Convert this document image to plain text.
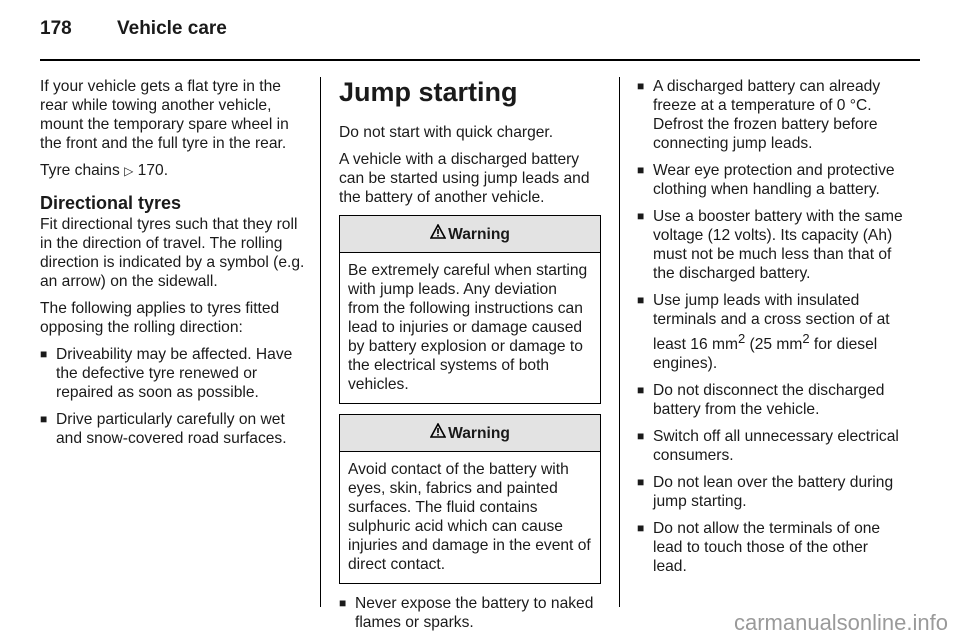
178 Vehicle care

If your vehicle gets a flat tyre in the rear while towing another vehicle, mount the temporary spare wheel in the front and the full tyre in the rear.

Tyre chains ▷ 170.

Directional tyres

Fit directional tyres such that they roll in the direction of travel. The rolling direction is indicated by a symbol (e.g. an arrow) on the sidewall.

The following applies to tyres fitted opposing the rolling direction:

■ Driveability may be affected. Have the defective tyre renewed or repaired as soon as possible.
■ Drive particularly carefully on wet and snow-covered road surfaces.
Jump starting

Do not start with quick charger.

A vehicle with a discharged battery can be started using jump leads and the battery of another vehicle.

Warning
Be extremely careful when starting with jump leads. Any deviation from the following instructions can lead to injuries or damage caused by battery explosion or damage to the electrical systems of both vehicles.
Warning
Avoid contact of the battery with eyes, skin, fabrics and painted surfaces. The fluid contains sulphuric acid which can cause injuries and damage in the event of direct contact.
■ Never expose the battery to naked flames or sparks.
■ A discharged battery can already freeze at a temperature of 0 °C. Defrost the frozen battery before connecting jump leads.
■ Wear eye protection and protective clothing when handling a battery.
■ Use a booster battery with the same voltage (12 volts). Its capacity (Ah) must not be much less than that of the discharged battery.
■ Use jump leads with insulated terminals and a cross section of at least 16 $mm^2$ (25 $mm^2$ for diesel engines).
■ Do not disconnect the discharged battery from the vehicle.
■ Switch off all unnecessary electrical consumers.
■ Do not lean over the battery during jump starting.
■ Do not allow the terminals of one lead to touch those of the other lead.
carmanualsonline.info
